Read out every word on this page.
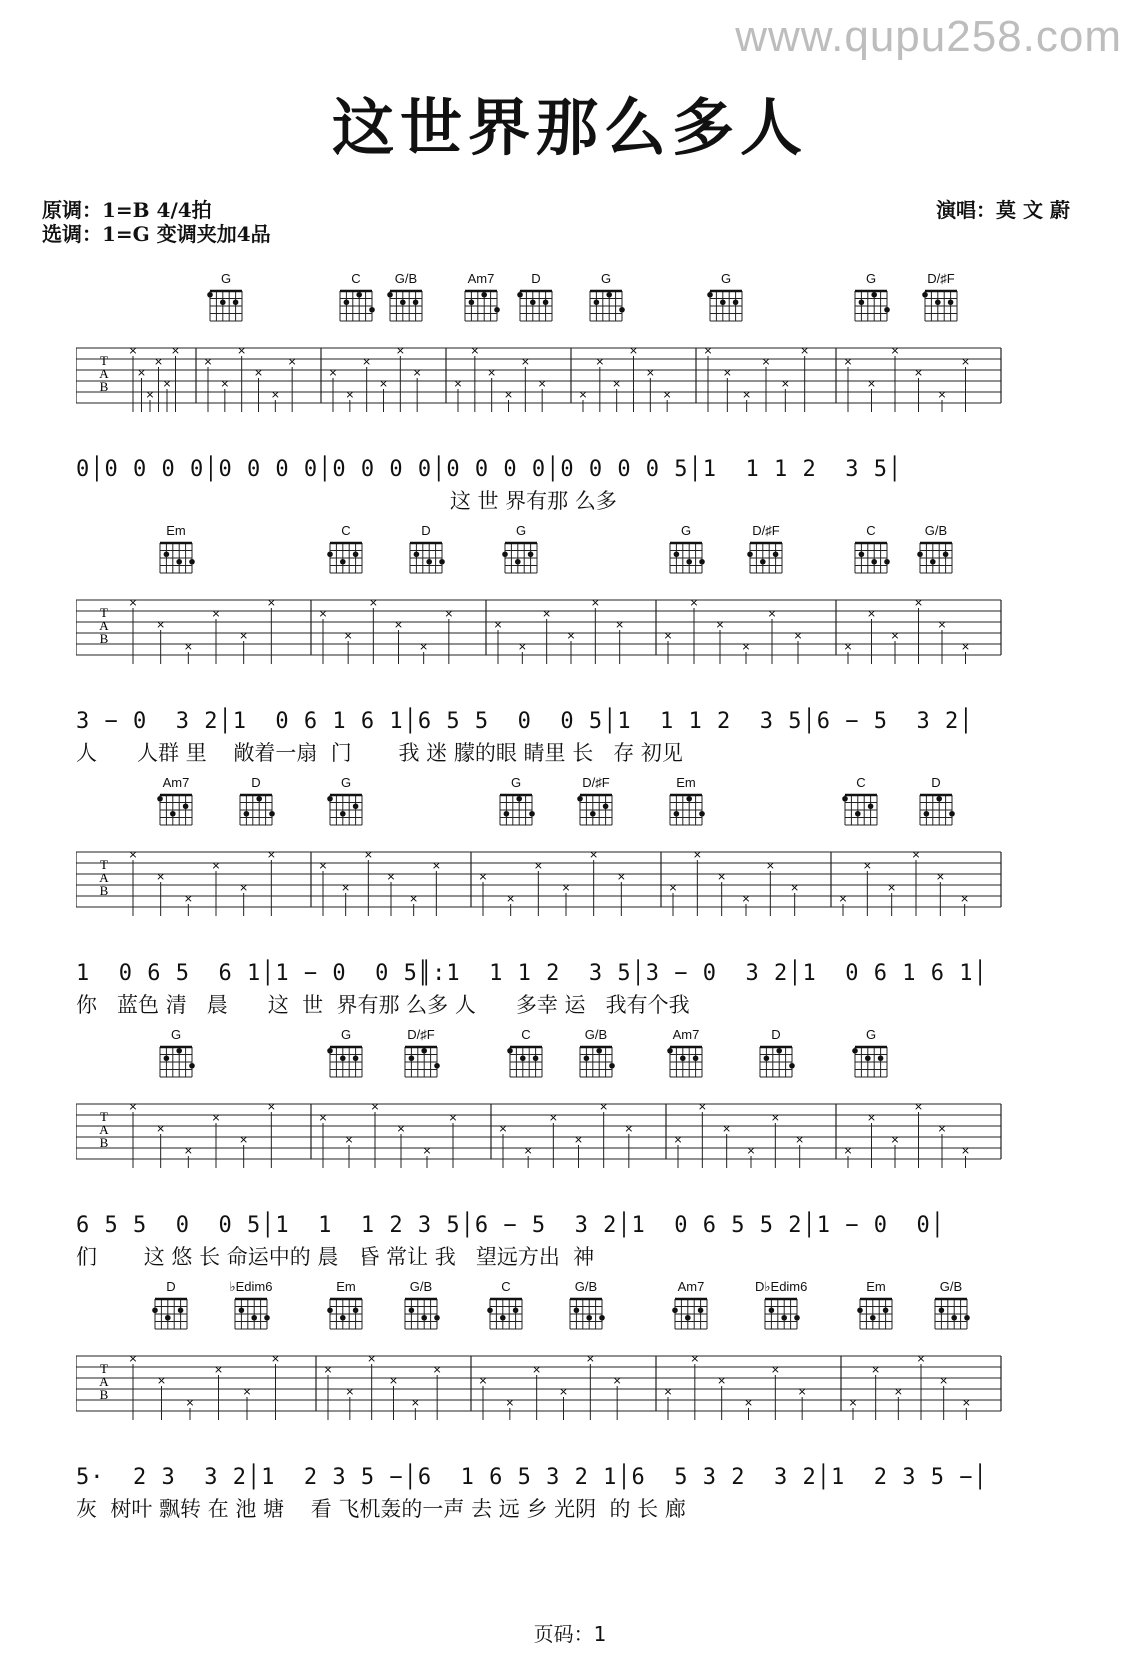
www.qupu258.com
这世界那么多人
原调：1=B 4/4拍
选调：1=G 变调夹加4品
演唱：莫 文 蔚
G	C	G/B	Am7	D	G	G	G	D/♯F
T
A
B
×
×
×
×
×
×
×
×
×
×
×
×
×
×
×
×
×
×
×
×
×
×
×
×
×
×
×
×
×
×
×
×
×
×
×
×
×
×
×
×
×
×
0│0 0 0 0│0 0 0 0│0 0 0 0│0 0 0 0│0 0 0 0 5│1  1 1 2  3 5│
这 世 界有那 么多
Em	C	D	G	G	D/♯F	C	G/B
T
A
B
×
×
×
×
×
×
×
×
×
×
×
×
×
×
×
×
×
×
×
×
×
×
×
×
×
×
×
×
×
×
3 − 0  3 2│1  0 6 1 6 1│6 5 5  0  0 5│1  1 1 2  3 5│6 − 5  3 2│
人      人群 里    敞着一扇  门       我 迷 朦的眼 睛里 长   存 初见
Am7	D	G	G	D/♯F	Em	C	D
T
A
B
×
×
×
×
×
×
×
×
×
×
×
×
×
×
×
×
×
×
×
×
×
×
×
×
×
×
×
×
×
×
1  0 6 5  6 1│1 − 0  0 5║:1  1 1 2  3 5│3 − 0  3 2│1  0 6 1 6 1│
你   蓝色 清   晨      这  世  界有那 么多 人      多幸 运   我有个我
G	G	D/♯F	C	G/B	Am7	D	G
T
A
B
×
×
×
×
×
×
×
×
×
×
×
×
×
×
×
×
×
×
×
×
×
×
×
×
×
×
×
×
×
×
6 5 5  0  0 5│1  1  1 2 3 5│6 − 5  3 2│1  0 6 5 5 2│1 − 0  0│
们       这 悠 长 命运中的 晨   昏 常让 我   望远方出  神
D	♭Edim6	Em	G/B	C	G/B	Am7	D♭Edim6	Em	G/B
T
A
B
×
×
×
×
×
×
×
×
×
×
×
×
×
×
×
×
×
×
×
×
×
×
×
×
×
×
×
×
×
×
5·  2 3  3 2│1  2 3 5 −│6  1 6 5 3 2 1│6  5 3 2  3 2│1  2 3 5 −│
灰  树叶 飘转 在 池 塘    看 飞机轰的一声 去 远 乡 光阴  的 长 廊
页码：1
